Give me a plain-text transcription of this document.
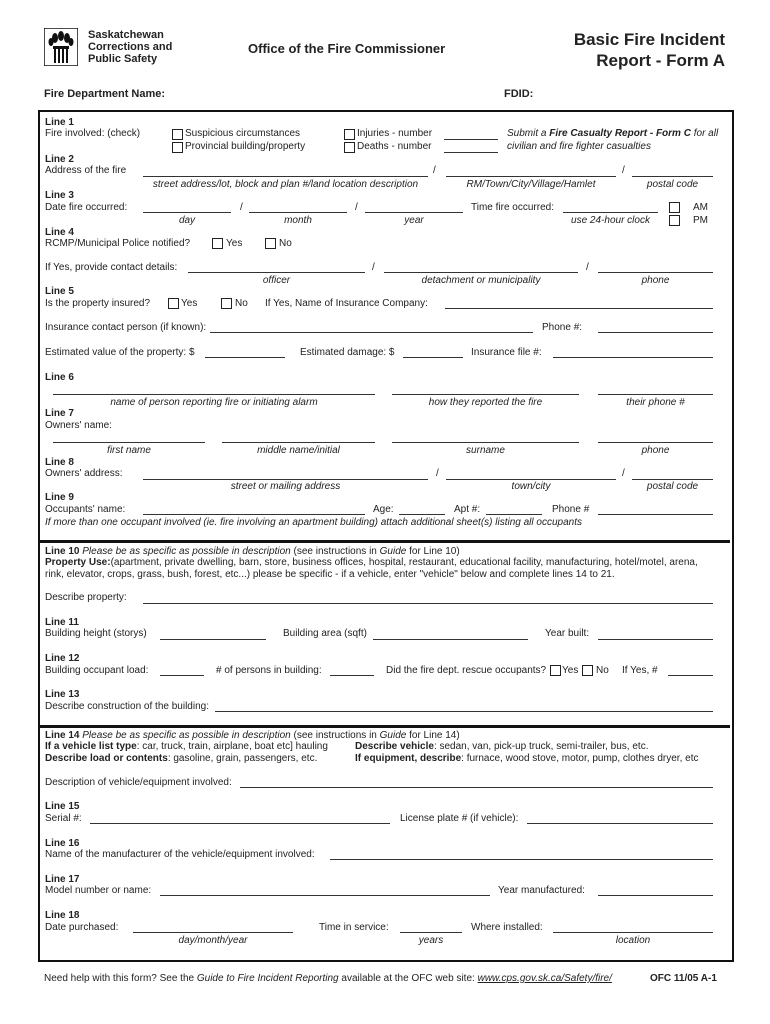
Saskatchewan
Corrections and
Public Safety
Office of the Fire Commissioner	Basic Fire Incident
Report - Form A
Fire Department Name:	FDID:
Line 1
Fire involved: (check)	Suspicious circumstances
Provincial building/property
Injuries - number
Deaths - number
Submit a Fire Casualty Report - Form C for all
civilian and fire fighter casualties
Line 2
Address of the fire	/	/
street address/lot, block and plan #/land location description	RM/Town/City/Village/Hamlet	postal code
Line 3
Date fire occurred:	/	/
day	month	year
Time fire occurred:
use 24-hour clock
AM
PM
Line 4
RCMP/Municipal Police notified?	Yes	No
If Yes, provide contact details:	/	/
officer	detachment or municipality	phone
Line 5
Is the property insured?	Yes	No If Yes, Name of Insurance Company:
Insurance contact person (if known):	Phone #:
Estimated value of the property: $	Estimated damage: $	Insurance file #:
Line 6
name of person reporting fire or initiating alarm	how they reported the fire	their phone #
Line 7
Owners' name:
first name	middle name/initial	surname	phone
Line 8
Owners' address:	/	/
street or mailing address	town/city	postal code
Line 9
Occupants' name:	Age:	Apt #:	Phone #
If more than one occupant involved (ie. fire involving an apartment building) attach additional sheet(s) listing all occupants
Line 10 Please be as specific as possible in description (see instructions in Guide for Line 10)
Property Use:(apartment, private dwelling, barn, store, business offices, hospital, restaurant, educational facility, manufacturing, hotel/motel, arena,
rink, elevator, crops, grass, bush, forest, etc...) please be specific - if a vehicle, enter "vehicle" below and complete lines 14 to 21.
Describe property:
Line 11
Building height (storys)	Building area (sqft)	Year built:
Line 12
Building occupant load:	# of persons in building:	Did the fire dept. rescue occupants? Yes No If Yes, #
Line 13
Describe construction of the building:
Line 14 Please be as specific as possible in description (see instructions in Guide for Line 14)
If a vehicle list type: car, truck, train, airplane, boat etc] hauling	Describe vehicle: sedan, van, pick-up truck, semi-trailer, bus, etc.
Describe load or contents: gasoline, grain, passengers, etc.	If equipment, describe: furnace, wood stove, motor, pump, clothes dryer, etc
Description of vehicle/equipment involved:
Line 15
Serial #:	License plate # (if vehicle):
Line 16
Name of the manufacturer of the vehicle/equipment involved:
Line 17
Model number or name:	Year manufactured:
Line 18
Date purchased:	Time in service:	Where installed:
day/month/year	years	location
Need help with this form? See the Guide to Fire Incident Reporting available at the OFC web site: www.cps.gov.sk.ca/Safety/fire/	OFC 11/05 A-1
